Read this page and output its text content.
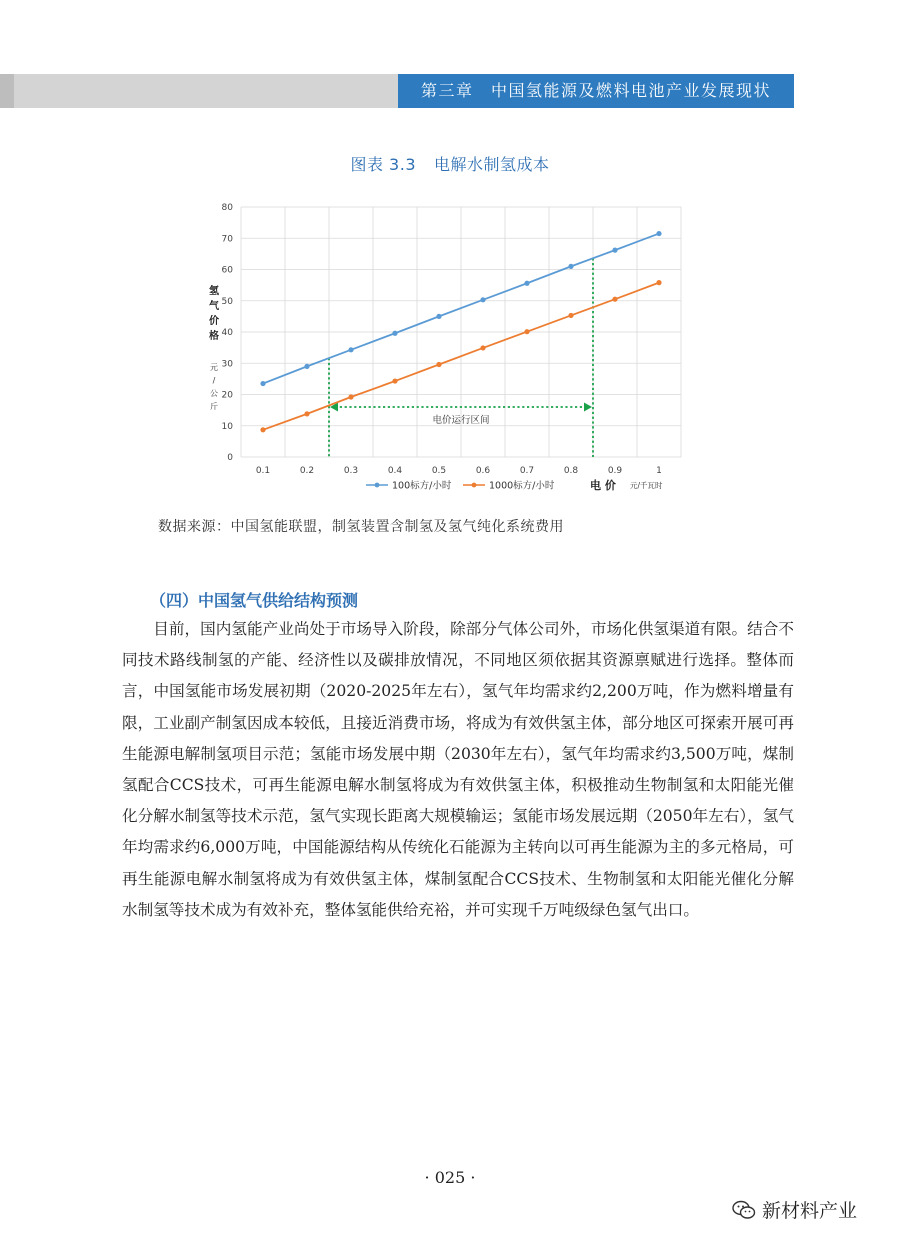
第三章　中国氢能源及燃料电池产业发展现状
图表 3.3 电解水制氢成本
0
10
20
30
40
50
60
70
80
0.1	0.2	0.3	0.4	0.5	0.6	0.7	0.8	0.9	1
电价运行区间
氢
气
价
格
元
/
公
斤
100标方/小时	1000标方/小时	电 价 元/千瓦时
数据来源：中国氢能联盟，制氢装置含制氢及氢气纯化系统费用
（四）中国氢气供给结构预测
目前，国内氢能产业尚处于市场导入阶段，除部分气体公司外，市场化供氢渠道有限。结合不同技术路线制氢的产能、经济性以及碳排放情况，不同地区须依据其资源禀赋进行选择。整体而言，中国氢能市场发展初期（2020-2025年左右），氢气年均需求约2,200万吨，作为燃料增量有限，工业副产制氢因成本较低，且接近消费市场，将成为有效供氢主体，部分地区可探索开展可再生能源电解制氢项目示范；氢能市场发展中期（2030年左右），氢气年均需求约3,500万吨，煤制氢配合CCS技术，可再生能源电解水制氢将成为有效供氢主体，积极推动生物制氢和太阳能光催化分解水制氢等技术示范，氢气实现长距离大规模输运；氢能市场发展远期（2050年左右），氢气年均需求约6,000万吨，中国能源结构从传统化石能源为主转向以可再生能源为主的多元格局，可再生能源电解水制氢将成为有效供氢主体，煤制氢配合CCS技术、生物制氢和太阳能光催化分解水制氢等技术成为有效补充，整体氢能供给充裕，并可实现千万吨级绿色氢气出口。
· 025 ·
新材料产业
